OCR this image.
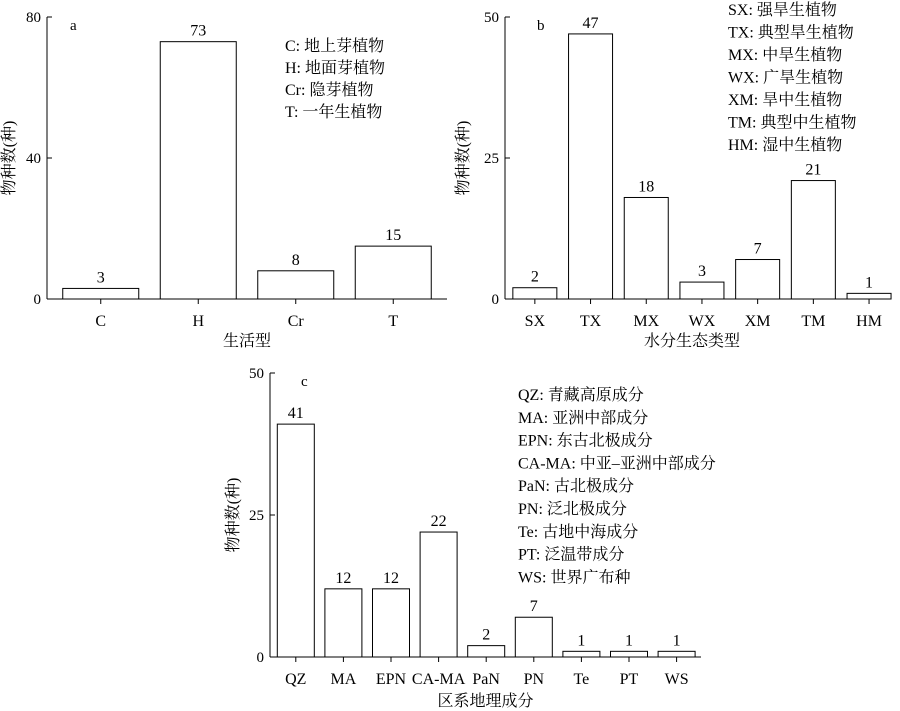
3
C
73
H
8
Cr
15
T
0
40
80 a
C: 地上芽植物
H: 地面芽植物
Cr: 隐芽植物
T: 一年生植物
生活型
物种数(种)
2
SX
47
TX
18
MX
3
WX
7
XM
21
TM
1
HM
0
25
50	b
SX: 强旱生植物
TX: 典型旱生植物
MX: 中旱生植物
WX: 广旱生植物
XM: 旱中生植物
TM: 典型中生植物
HM: 湿中生植物
水分生态类型
物种数(种)
41
QZ
12
MA
12
EPN
22
CA-MA
2
PaN
7
PN
1
Te
1
PT
1
WS
0
25
50 c
QZ: 青藏高原成分
MA: 亚洲中部成分
EPN: 东古北极成分
CA-MA: 中亚–亚洲中部成分
PaN: 古北极成分
PN: 泛北极成分
Te: 古地中海成分
PT: 泛温带成分
WS: 世界广布种
区系地理成分
物种数(种)
